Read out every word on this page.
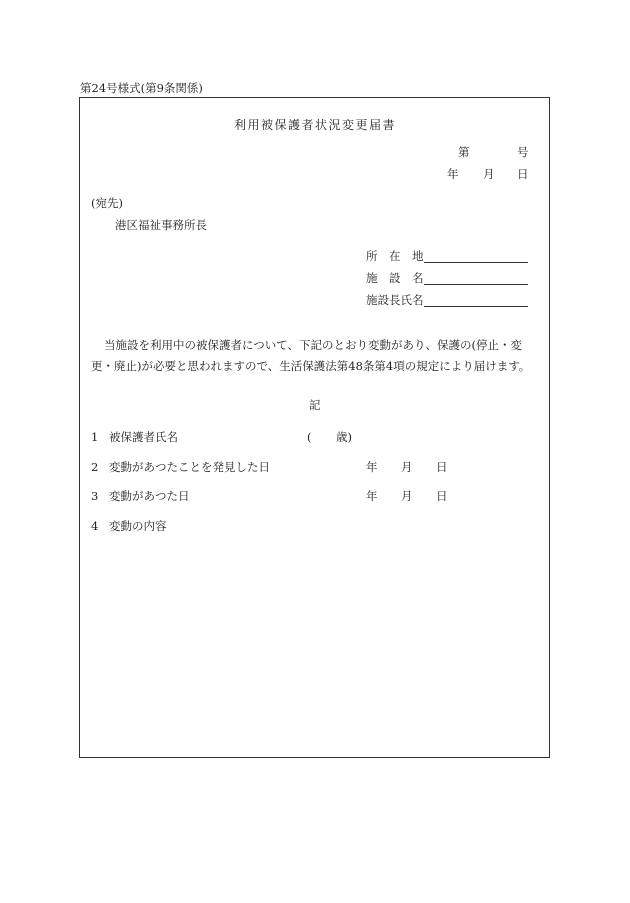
第24号様式(第9条関係)
利用被保護者状況変更届書
第	号
年 月 日
(宛先)
港区福祉事務所長
所　在　地
施　設　名
施設長氏名
当施設を利用中の被保護者について、下記のとおり変動があり、保護の(停止・変
更・廃止)が必要と思われますので、生活保護法第48条第4項の規定により届けます。
記
1 被保護者氏名	( 歳)
2 変動があつたことを発見した日	年 月 日
3 変動があつた日	年 月 日
4 変動の内容
